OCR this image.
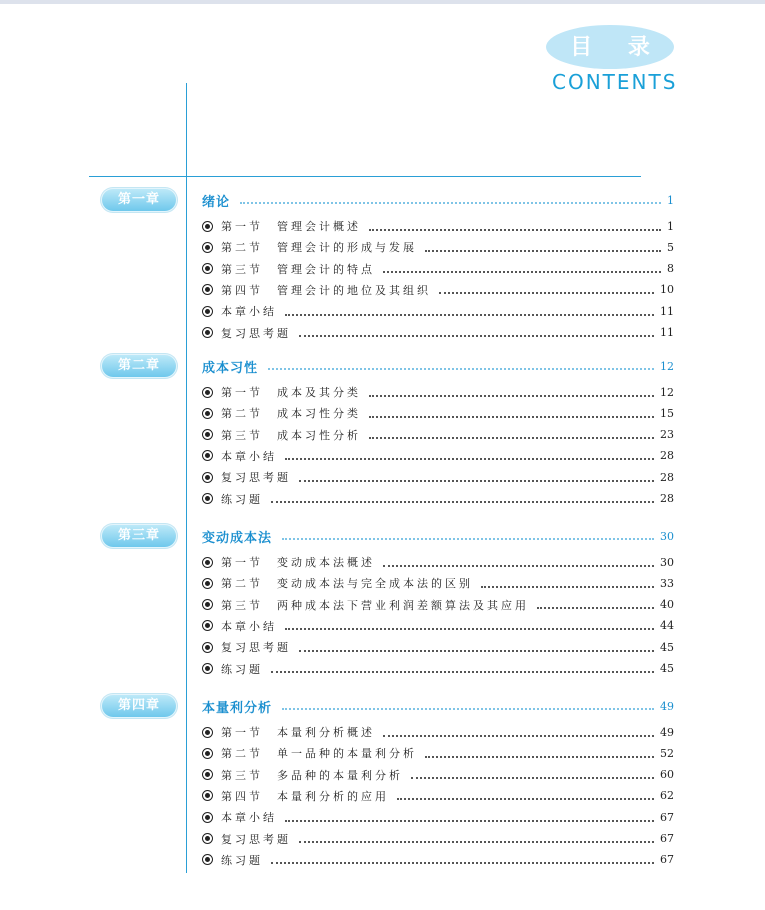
目 录
CONTENTS
第一章	绪论	1
第一节 管理会计概述	1
第二节 管理会计的形成与发展	5
第三节 管理会计的特点	8
第四节 管理会计的地位及其组织	10
本章小结	11
复习思考题	11
第二章	成本习性	12
第一节 成本及其分类	12
第二节 成本习性分类	15
第三节 成本习性分析	23
本章小结	28
复习思考题	28
练习题	28
第三章	变动成本法	30
第一节 变动成本法概述	30
第二节 变动成本法与完全成本法的区别	33
第三节 两种成本法下营业利润差额算法及其应用	40
本章小结	44
复习思考题	45
练习题	45
第四章	本量利分析	49
第一节 本量利分析概述	49
第二节 单一品种的本量利分析	52
第三节 多品种的本量利分析	60
第四节 本量利分析的应用	62
本章小结	67
复习思考题	67
练习题	67
